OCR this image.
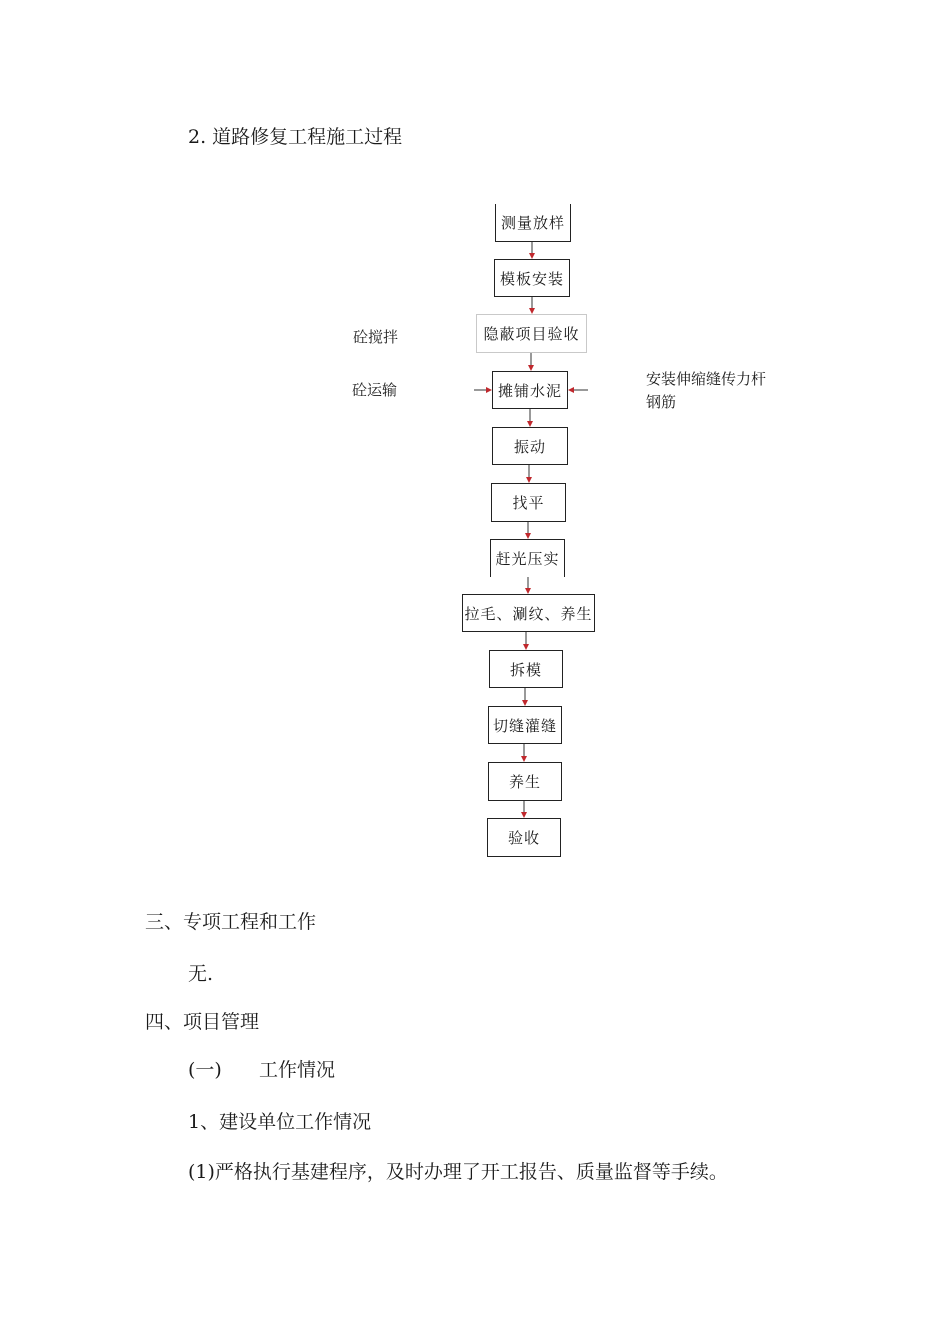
2. 道路修复工程施工过程
测量放样
模板安装
隐蔽项目验收
摊铺水泥
振动
找平
赶光压实
拉毛、涮纹、养生
拆模
切缝灌缝
养生
验收
砼搅拌
砼运输
安装伸缩缝传力杆
钢筋
三、专项工程和工作
无.
四、项目管理
(一) 工作情况
1、建设单位工作情况
(1)严格执行基建程序，及时办理了开工报告、质量监督等手续。
